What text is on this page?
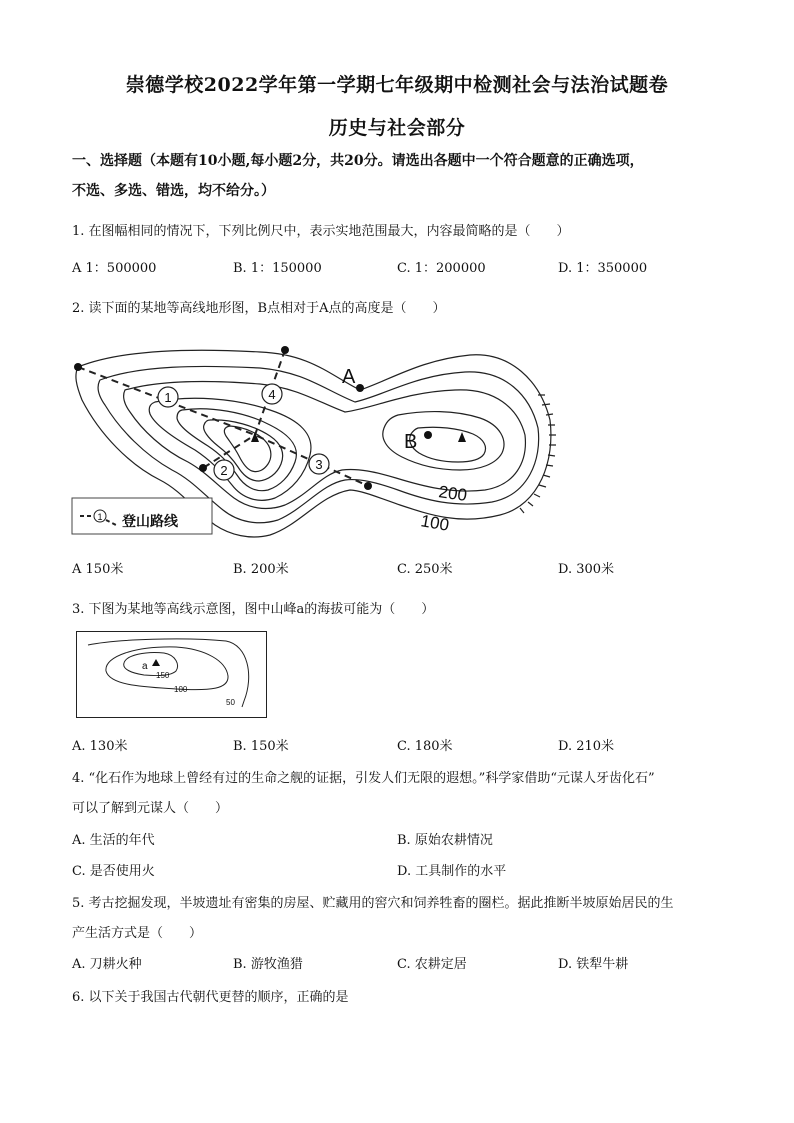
崇德学校2022学年第一学期七年级期中检测社会与法治试题卷
历史与社会部分
一、选择题（本题有10小题,每小题2分，共20分。请选出各题中一个符合题意的正确选项，
不选、多选、错选，均不给分。）
1. 在图幅相同的情况下，下列比例尺中，表示实地范围最大，内容最简略的是（　　）
A 1：500000	B. 1：150000	C. 1：200000	D. 1：350000
2. 读下面的某地等高线地形图，B点相对于A点的高度是（　　）
1	4
2	3
A
B
200
100
1 登山路线
A 150米	B. 200米	C. 250米	D. 300米
3. 下图为某地等高线示意图，图中山峰a的海拔可能为（　　）
a
150
100
50
A. 130米	B. 150米	C. 180米	D. 210米
4. “化石作为地球上曾经有过的生命之舰的证据，引发人们无限的遐想。”科学家借助“元谋人牙齿化石”
可以了解到元谋人（　　）
A. 生活的年代	B. 原始农耕情况
C. 是否使用火	D. 工具制作的水平
5. 考古挖掘发现，半坡遗址有密集的房屋、贮藏用的窖穴和饲养牲畜的圈栏。据此推断半坡原始居民的生
产生活方式是（　　）
A. 刀耕火种	B. 游牧渔猎	C. 农耕定居	D. 铁犁牛耕
6. 以下关于我国古代朝代更替的顺序，正确的是
